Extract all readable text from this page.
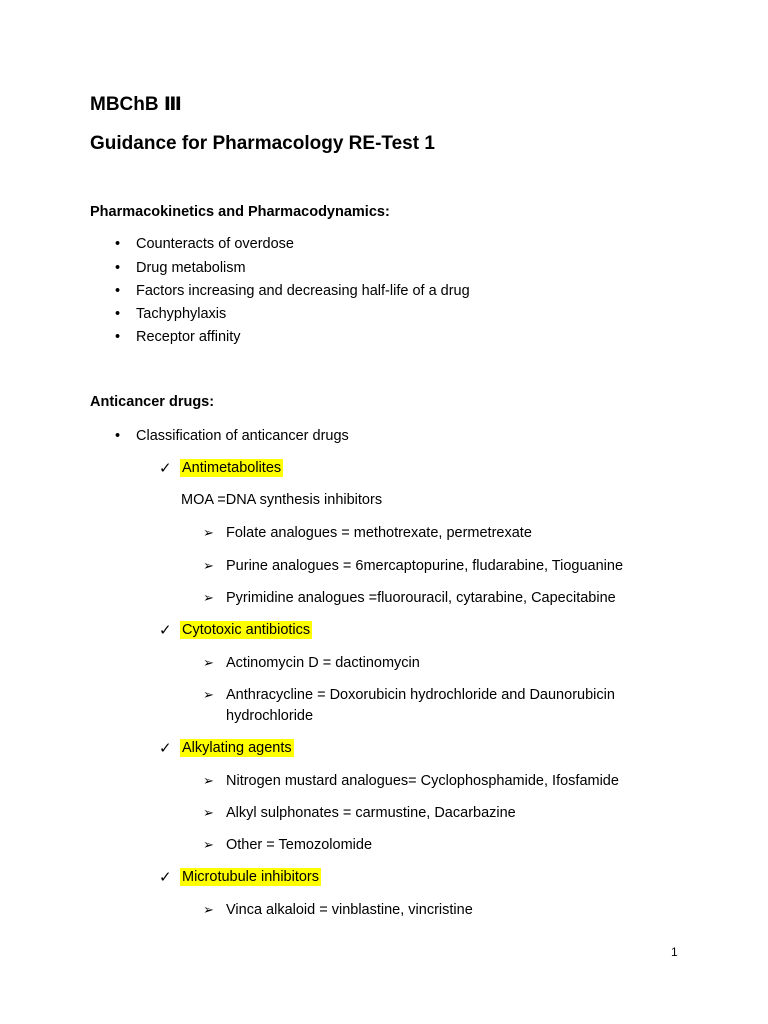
MBChB Ⅲ
Guidance for Pharmacology RE-Test 1
Pharmacokinetics and Pharmacodynamics:
• Counteracts of overdose
• Drug metabolism
• Factors increasing and decreasing half-life of a drug
• Tachyphylaxis
• Receptor affinity
Anticancer drugs:
• Classification of anticancer drugs
✓ Antimetabolites
MOA =DNA synthesis inhibitors
➢ Folate analogues = methotrexate, permetrexate
➢ Purine analogues = 6mercaptopurine, fludarabine, Tioguanine
➢ Pyrimidine analogues =fluorouracil, cytarabine, Capecitabine
✓ Cytotoxic antibiotics
➢ Actinomycin D = dactinomycin
➢ Anthracycline = Doxorubicin hydrochloride and Daunorubicin
hydrochloride
✓ Alkylating agents
➢ Nitrogen mustard analogues= Cyclophosphamide, Ifosfamide
➢ Alkyl sulphonates = carmustine, Dacarbazine
➢ Other = Temozolomide
✓ Microtubule inhibitors
➢ Vinca alkaloid = vinblastine, vincristine
1
